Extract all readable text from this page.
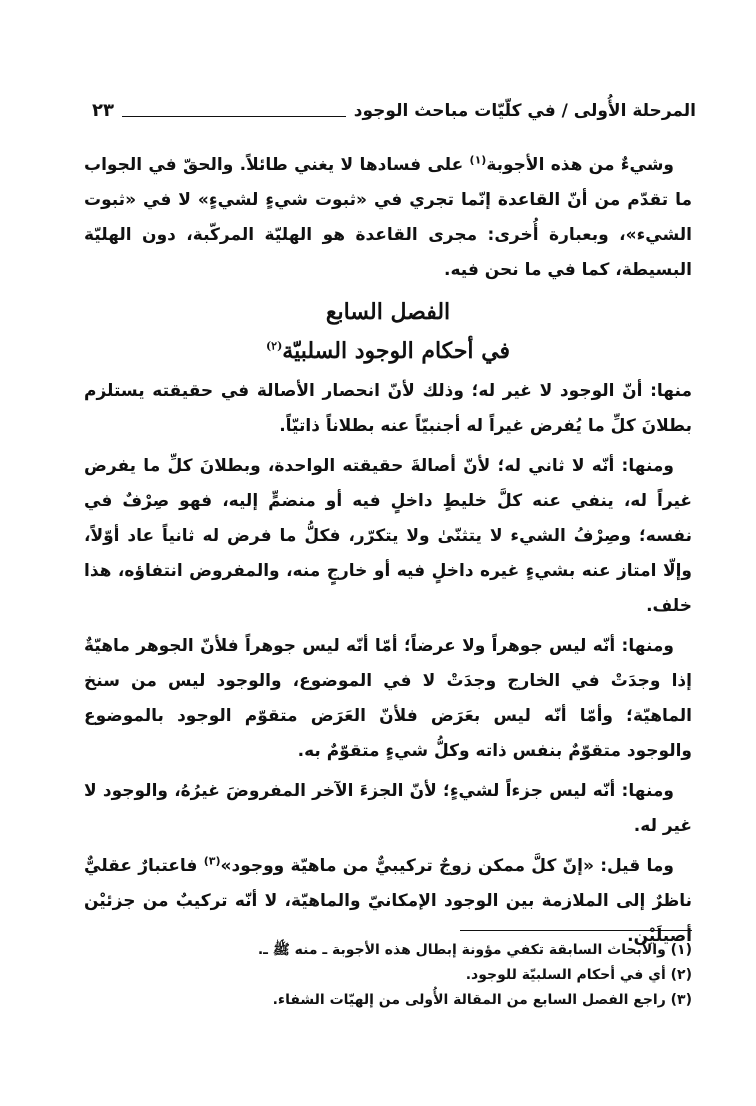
المرحلة الأُولى / في كلّيّات مباحث الوجود
٢٣

وشيءٌ من هذه الأجوبة$^{(١)}$ على فسادها لا يغني طائلاً. والحقّ في الجواب ما تقدّم من أنّ القاعدة إنّما تجري في «ثبوت شيءٍ لشيءٍ» لا في «ثبوت الشيء»، وبعبارة أُخرى: مجرى القاعدة هو الهليّة المركّبة، دون الهليّة البسيطة، كما في ما نحن فيه.

الفصل السابع
في أحكام الوجود السلبيّة$^{(٢)}$

منها: أنّ الوجود لا غير له؛ وذلك لأنّ انحصار الأصالة في حقيقته يستلزم بطلانَ كلِّ ما يُفرض غيراً له أجنبيّاً عنه بطلاناً ذاتيّاً.

ومنها: أنّه لا ثاني له؛ لأنّ أصالةَ حقيقته الواحدة، وبطلانَ كلِّ ما يفرض غيراً له، ينفي عنه كلَّ خليطٍ داخلٍ فيه أو منضمٍّ إليه، فهو صِرْفٌ في نفسه؛ وصِرْفُ الشيء لا يتثنّىٰ ولا يتكرّر، فكلُّ ما فرض له ثانياً عاد أوّلاً، وإلّا امتاز عنه بشيءٍ غيره داخلٍ فيه أو خارجٍ منه، والمفروض انتفاؤه، هذا خلف.

ومنها: أنّه ليس جوهراً ولا عرضاً؛ أمّا أنّه ليس جوهراً فلأنّ الجوهر ماهيّةٌ إذا وجدَتْ في الخارج وجدَتْ لا في الموضوع، والوجود ليس من سنخ الماهيّة؛ وأمّا أنّه ليس بعَرَض فلأنّ العَرَض متقوّم الوجود بالموضوع والوجود متقوّمٌ بنفس ذاته وكلُّ شيءٍ متقوّمٌ به.

ومنها: أنّه ليس جزءاً لشيءٍ؛ لأنّ الجزءَ الآخر المفروضَ غيرُهُ، والوجود لا غير له.

وما قيل: «إنّ كلَّ ممكن زوجٌ تركيبيٌّ من ماهيّة ووجود»$^{(٣)}$ فاعتبارٌ عقليٌّ ناظرٌ إلى الملازمة بين الوجود الإمكانيّ والماهيّة، لا أنّه تركيبٌ من جزئيْن أصيلَيْن.

(١) والأبحاث السابقة تكفي مؤونة إبطال هذه الأجوبة ـ منه ﷺ ـ.

(٢) أي في أحكام السلبيّة للوجود.

(٣) راجع الفصل السابع من المقالة الأُولى من إلهيّات الشفاء.
